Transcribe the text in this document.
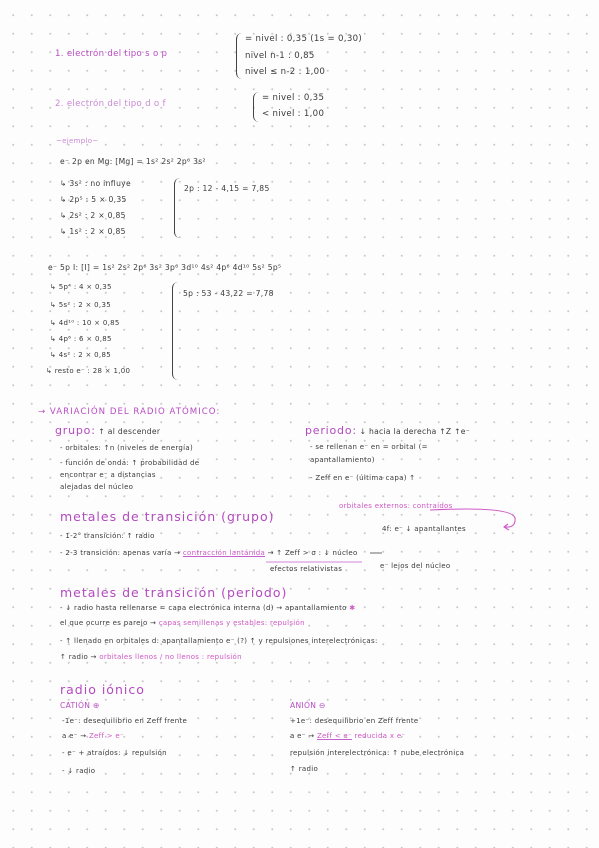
1. electrón del tipo s o p
= nivel : 0,35 (1s = 0,30)
nivel n-1 : 0,85
nivel ≤ n-2 : 1,00
2. electrón del tipo d o f
= nivel : 0,35
< nivel : 1,00
~ejemplo~
e⁻ 2p en Mg: [Mg] = 1s² 2s² 2p⁶ 3s²
↳ 3s² : no influye
↳ 2p⁵ : 5 × 0,35
↳ 2s² : 2 × 0,85
↳ 1s² : 2 × 0,85
2p : 12 - 4,15 = 7,85
e⁻ 5p I: [I] = 1s² 2s² 2p⁶ 3s² 3p⁶ 3d¹⁰ 4s² 4p⁶ 4d¹⁰ 5s² 5p⁵
↳ 5p⁴ : 4 × 0,35
↳ 5s² : 2 × 0,35
↳ 4d¹⁰ : 10 × 0,85
↳ 4p⁶ : 6 × 0,85
↳ 4s² : 2 × 0,85
↳ resto e⁻ : 28 × 1,00
5p : 53 - 43,22 = 7,78
→ VARIACIÓN DEL RADIO ATÓMICO:
grupo: ↑ al descender
- orbitales: ↑n (niveles de energía)
- función de onda: ↑ probabilidad de
encontrar e⁻ a distancias
alejadas del núcleo
periodo: ↓ hacia la derecha ↑Z ↑e⁻
- se rellenan e⁻ en = orbital (=
apantallamiento)
- Zeff en e⁻ (última capa) ↑
metales de transición (grupo)
orbitales externos: contraídos
4f: e⁻ ↓ apantallantes
- 1-2° transición: ↑ radio
- 2-3 transición: apenas varía → contracción lantánida → ↑ Zeff > σ : ↓ núcleo
efectos relativistas	e⁻ lejos del núcleo
metales de transición (periodo)
- ↓ radio hasta rellenarse = capa electrónica interna (d) → apantallamiento ✱
el que ocurre es parejo → capas semillenas y estables: repulsión
- ↑ llenado en orbitales d: apantallamiento e⁻ (?) ↑ y repulsiones interelectrónicas:
↑ radio → orbitales llenos / no llenos : repulsión
radio iónico
CATIÓN ⊕
-1e⁻: desequilibrio en Zeff frente
a e⁻ → Zeff > e⁻
- e⁻ + atraídos: ↓ repulsión
- ↓ radio
ANIÓN ⊖
+1e⁻: desequilibrio en Zeff frente
a e⁻ → Zeff < e⁻ reducida x e⁻
repulsión interelectrónica: ↑ nube electrónica
↑ radio
